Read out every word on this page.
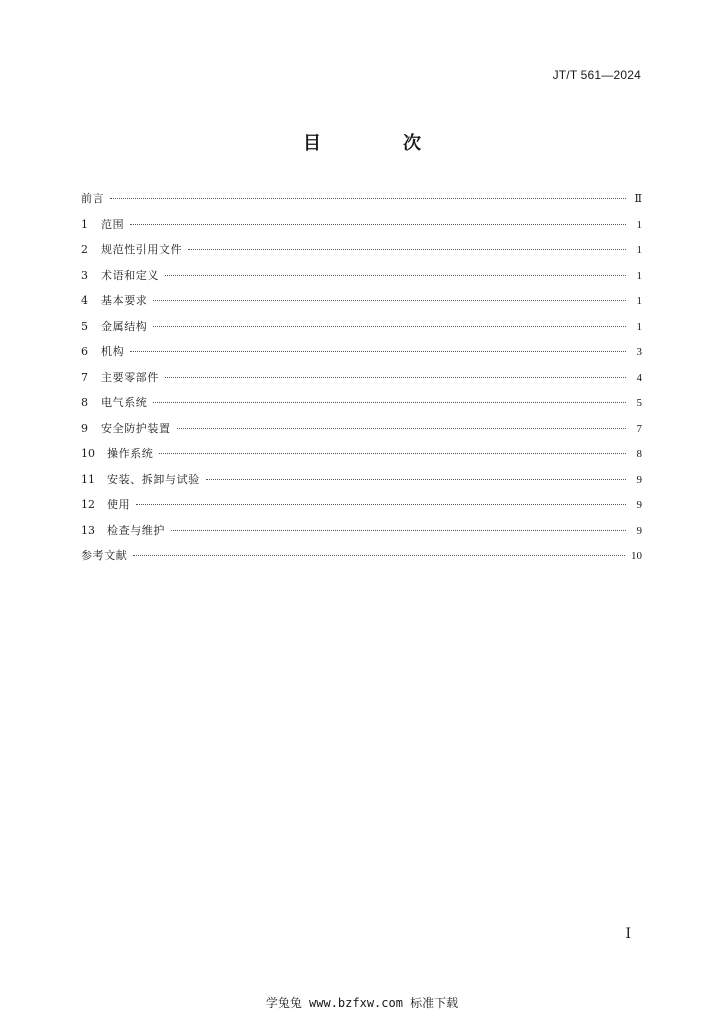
JT/T 561—2024
目　次
前言	Ⅱ
1	范围	1
2	规范性引用文件	1
3	术语和定义	1
4	基本要求	1
5	金属结构	1
6	机构	3
7	主要零部件	4
8	电气系统	5
9	安全防护装置	7
10	操作系统	8
11	安装、拆卸与试验	9
12	使用	9
13	检查与维护	9
参考文献	10
Ⅰ
学兔兔 www.bzfxw.com 标准下载
